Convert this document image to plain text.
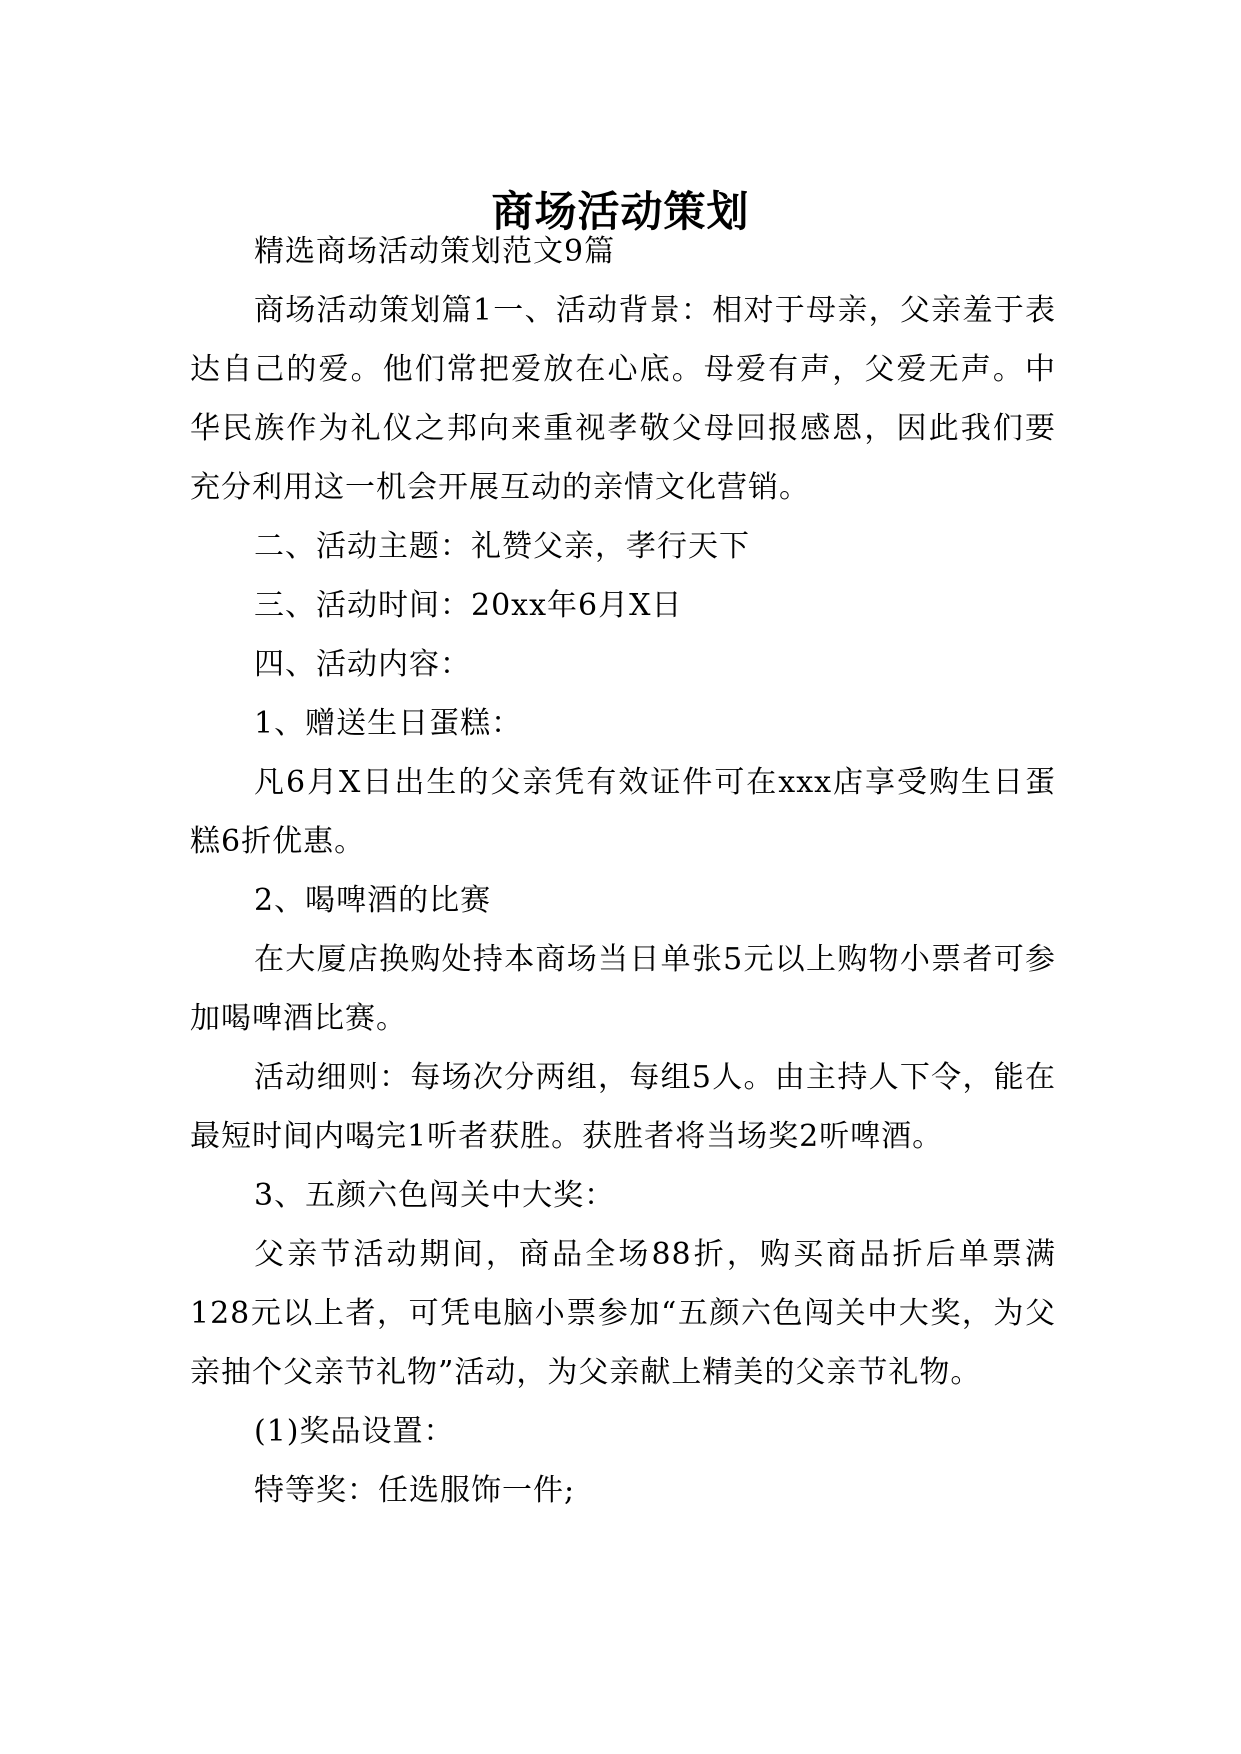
商场活动策划

精选商场活动策划范文9篇

商场活动策划篇1一、活动背景：相对于母亲，父亲羞于表达自己的爱。他们常把爱放在心底。母爱有声，父爱无声。中华民族作为礼仪之邦向来重视孝敬父母回报感恩，因此我们要充分利用这一机会开展互动的亲情文化营销。

二、活动主题：礼赞父亲，孝行天下

三、活动时间：20xx年6月X日

四、活动内容：

1、赠送生日蛋糕：

凡6月X日出生的父亲凭有效证件可在xxx店享受购生日蛋糕6折优惠。

2、喝啤酒的比赛

在大厦店换购处持本商场当日单张5元以上购物小票者可参加喝啤酒比赛。

活动细则：每场次分两组，每组5人。由主持人下令，能在最短时间内喝完1听者获胜。获胜者将当场奖2听啤酒。

3、五颜六色闯关中大奖：

父亲节活动期间，商品全场88折，购买商品折后单票满128元以上者，可凭电脑小票参加“五颜六色闯关中大奖，为父亲抽个父亲节礼物”活动，为父亲献上精美的父亲节礼物。

(1)奖品设置：

特等奖：任选服饰一件;
